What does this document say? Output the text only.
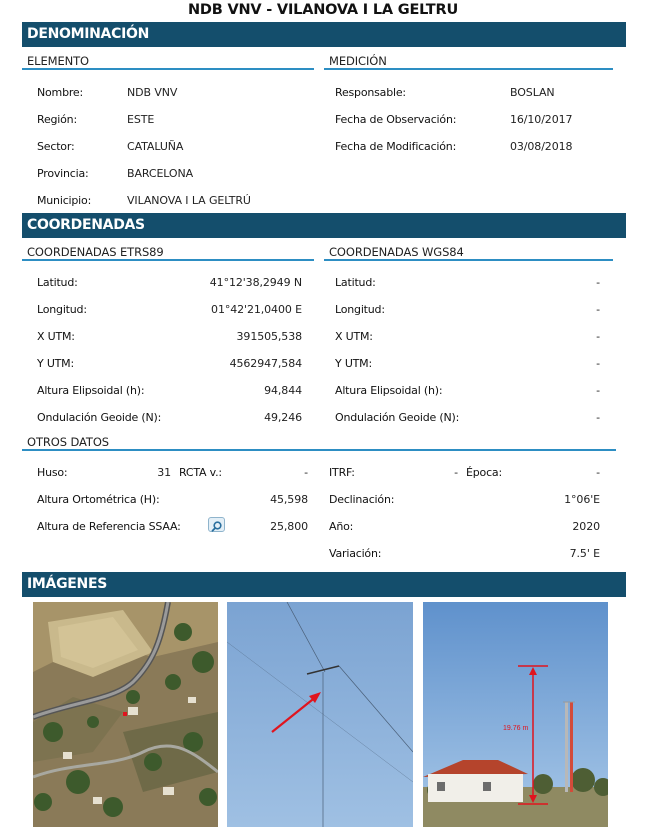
NDB VNV - VILANOVA I LA GELTRU
DENOMINACIÓN
ELEMENTO	MEDICIÓN
Nombre:	NDB VNV
Región:	ESTE
Sector:	CATALUÑA
Provincia:	BARCELONA
Municipio:	VILANOVA I LA GELTRÚ
Responsable:	BOSLAN
Fecha de Observación:	16/10/2017
Fecha de Modificación:	03/08/2018
COORDENADAS
COORDENADAS ETRS89	COORDENADAS WGS84
Latitud:	41°12'38,2949 N
Longitud:	01°42'21,0400 E
X UTM:	391505,538
Y UTM:	4562947,584
Altura Elipsoidal (h):	94,844
Ondulación Geoide (N):	49,246
Latitud:	-
Longitud:	-
X UTM:	-
Y UTM:	-
Altura Elipsoidal (h):	-
Ondulación Geoide (N):	-
OTROS DATOS
Huso:	31 RCTA v.:	- ITRF:	- Época:	-
Altura Ortométrica (H):	45,598 Declinación:	1°06'E
Altura de Referencia SSAA:	25,800 Año:	2020
Variación:	7.5' E
IMÁGENES
19.76 m
